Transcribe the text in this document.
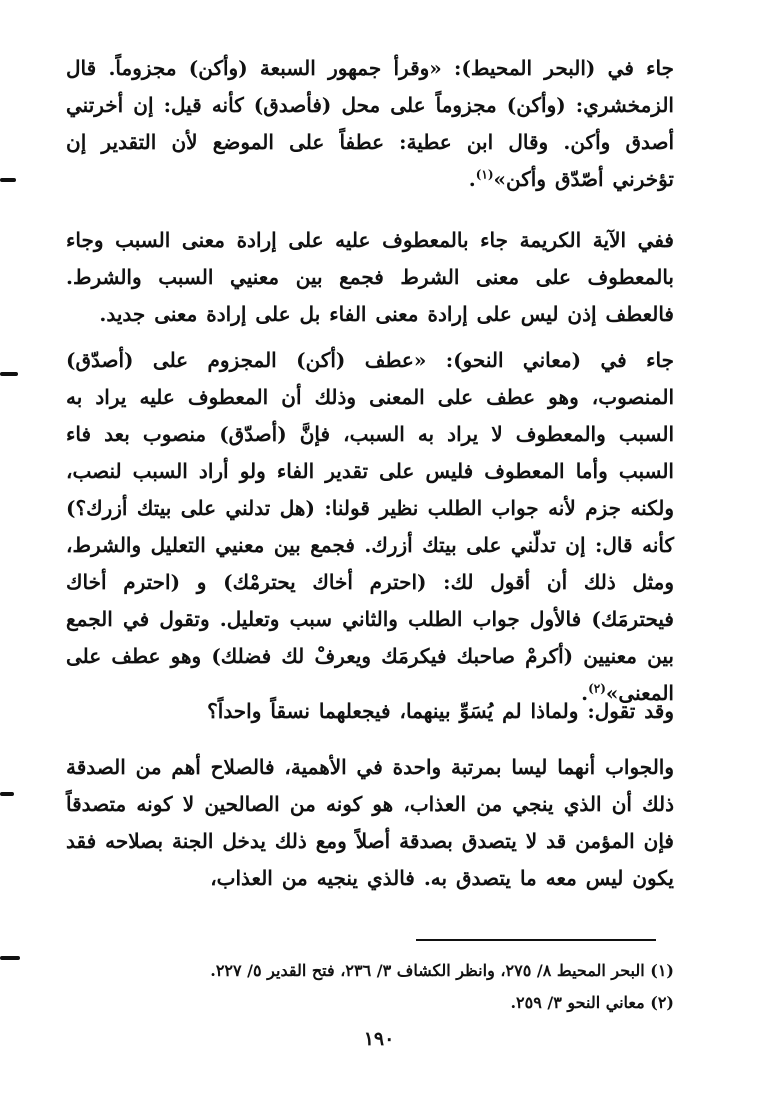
جاء في (البحر المحيط): «وقرأ جمهور السبعة (وأكن) مجزوماً. قال الزمخشري: (وأكن) مجزوماً على محل (فأصدق) كأنه قيل: إن أخرتني أصدق وأكن. وقال ابن عطية: عطفاً على الموضع لأن التقدير إن تؤخرني أصّدّق وأكن»$^{(١)}$.

ففي الآية الكريمة جاء بالمعطوف عليه على إرادة معنى السبب وجاء بالمعطوف على معنى الشرط فجمع بين معنيي السبب والشرط. فالعطف إذن ليس على إرادة معنى الفاء بل على إرادة معنى جديد.

جاء في (معاني النحو): «عطف (أكن) المجزوم على (أصدّق) المنصوب، وهو عطف على المعنى وذلك أن المعطوف عليه يراد به السبب والمعطوف لا يراد به السبب، فإنَّ (أصدّق) منصوب بعد فاء السبب وأما المعطوف فليس على تقدير الفاء ولو أراد السبب لنصب، ولكنه جزم لأنه جواب الطلب نظير قولنا: (هل تدلني على بيتك أزرك؟) كأنه قال: إن تدلّني على بيتك أزرك. فجمع بين معنيي التعليل والشرط، ومثل ذلك أن أقول لك: (احترم أخاك يحترمْك) و (احترم أخاك فيحترمَك) فالأول جواب الطلب والثاني سبب وتعليل. وتقول في الجمع بين معنيين (أكرمْ صاحبك فيكرمَك ويعرفْ لك فضلك) وهو عطف على المعنى»$^{(٢)}$.

وقد تقول: ولماذا لم يُسَوِّ بينهما، فيجعلهما نسقاً واحداً؟

والجواب أنهما ليسا بمرتبة واحدة في الأهمية، فالصلاح أهم من الصدقة ذلك أن الذي ينجي من العذاب، هو كونه من الصالحين لا كونه متصدقاً فإن المؤمن قد لا يتصدق بصدقة أصلاً ومع ذلك يدخل الجنة بصلاحه فقد يكون ليس معه ما يتصدق به. فالذي ينجيه من العذاب،

(١) البحر المحيط ٨/ ٢٧٥، وانظر الكشاف ٣/ ٢٣٦، فتح القدير ٥/ ٢٢٧.
(٢) معاني النحو ٣/ ٢٥٩.
١٩٠
